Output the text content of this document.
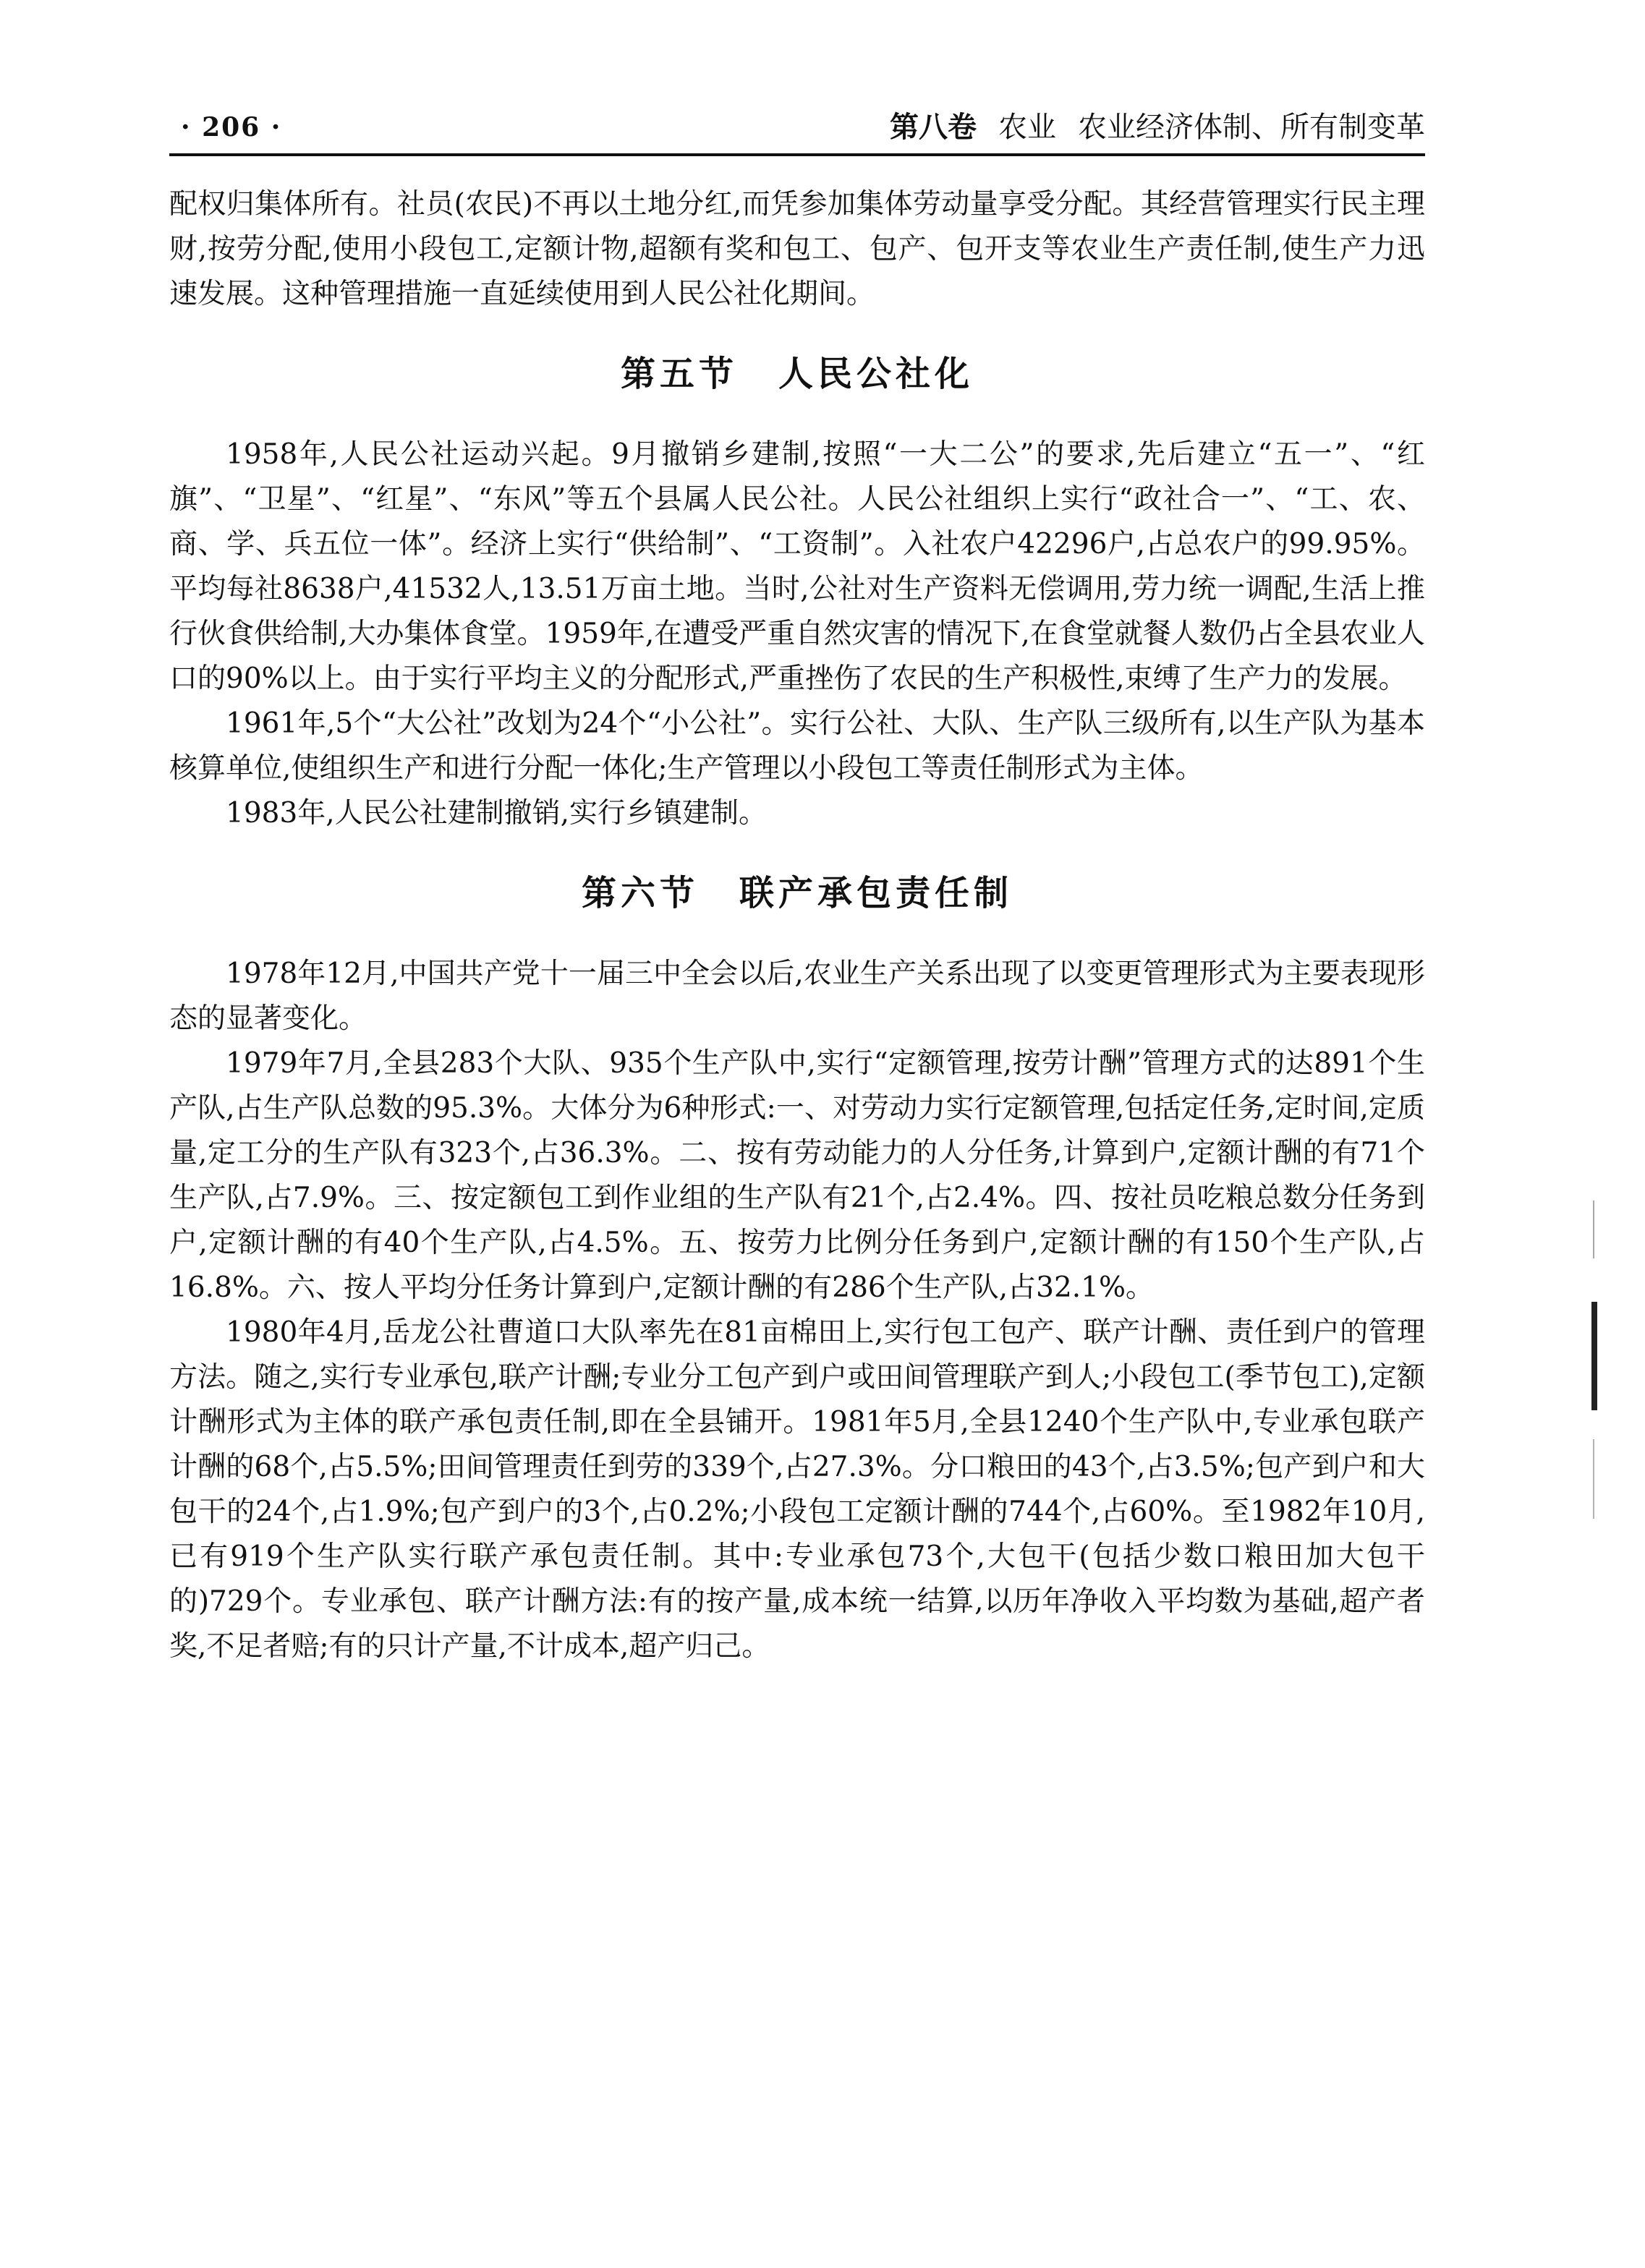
· 206 ·	第八卷 农业 农业经济体制、所有制变革

配权归集体所有。社员(农民)不再以土地分红,而凭参加集体劳动量享受分配。其经营管理实行民主理财,按劳分配,使用小段包工,定额计物,超额有奖和包工、包产、包开支等农业生产责任制,使生产力迅速发展。这种管理措施一直延续使用到人民公社化期间。

第五节 人民公社化

1958年,人民公社运动兴起。9月撤销乡建制,按照“一大二公”的要求,先后建立“五一”、“红旗”、“卫星”、“红星”、“东风”等五个县属人民公社。人民公社组织上实行“政社合一”、“工、农、商、学、兵五位一体”。经济上实行“供给制”、“工资制”。入社农户42296户,占总农户的99.95%。平均每社8638户,41532人,13.51万亩土地。当时,公社对生产资料无偿调用,劳力统一调配,生活上推行伙食供给制,大办集体食堂。1959年,在遭受严重自然灾害的情况下,在食堂就餐人数仍占全县农业人口的90%以上。由于实行平均主义的分配形式,严重挫伤了农民的生产积极性,束缚了生产力的发展。

1961年,5个“大公社”改划为24个“小公社”。实行公社、大队、生产队三级所有,以生产队为基本核算单位,使组织生产和进行分配一体化;生产管理以小段包工等责任制形式为主体。

1983年,人民公社建制撤销,实行乡镇建制。

第六节 联产承包责任制

1978年12月,中国共产党十一届三中全会以后,农业生产关系出现了以变更管理形式为主要表现形态的显著变化。

1979年7月,全县283个大队、935个生产队中,实行“定额管理,按劳计酬”管理方式的达891个生产队,占生产队总数的95.3%。大体分为6种形式:一、对劳动力实行定额管理,包括定任务,定时间,定质量,定工分的生产队有323个,占36.3%。二、按有劳动能力的人分任务,计算到户,定额计酬的有71个生产队,占7.9%。三、按定额包工到作业组的生产队有21个,占2.4%。四、按社员吃粮总数分任务到户,定额计酬的有40个生产队,占4.5%。五、按劳力比例分任务到户,定额计酬的有150个生产队,占16.8%。六、按人平均分任务计算到户,定额计酬的有286个生产队,占32.1%。

1980年4月,岳龙公社曹道口大队率先在81亩棉田上,实行包工包产、联产计酬、责任到户的管理方法。随之,实行专业承包,联产计酬;专业分工包产到户或田间管理联产到人;小段包工(季节包工),定额计酬形式为主体的联产承包责任制,即在全县铺开。1981年5月,全县1240个生产队中,专业承包联产计酬的68个,占5.5%;田间管理责任到劳的339个,占27.3%。分口粮田的43个,占3.5%;包产到户和大包干的24个,占1.9%;包产到户的3个,占0.2%;小段包工定额计酬的744个,占60%。至1982年10月,已有919个生产队实行联产承包责任制。其中:专业承包73个,大包干(包括少数口粮田加大包干的)729个。专业承包、联产计酬方法:有的按产量,成本统一结算,以历年净收入平均数为基础,超产者奖,不足者赔;有的只计产量,不计成本,超产归己。
